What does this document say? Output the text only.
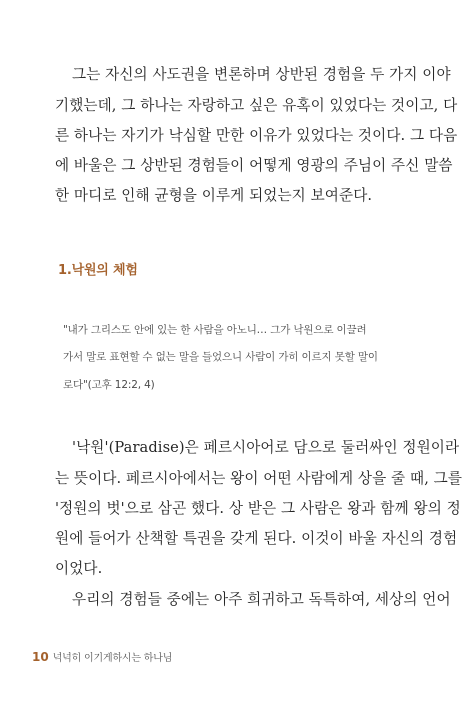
그는 자신의 사도권을 변론하며 상반된 경험을 두 가지 이야
기했는데, 그 하나는 자랑하고 싶은 유혹이 있었다는 것이고, 다
른 하나는 자기가 낙심할 만한 이유가 있었다는 것이다. 그 다음
에 바울은 그 상반된 경험들이 어떻게 영광의 주님이 주신 말씀
한 마디로 인해 균형을 이루게 되었는지 보여준다.
1.낙원의 체험
"내가 그리스도 안에 있는 한 사람을 아노니… 그가 낙원으로 이끌려
가서 말로 표현할 수 없는 말을 들었으니 사람이 가히 이르지 못할 말이
로다"(고후 12:2, 4)
'낙원'(Paradise)은 페르시아어로 담으로 둘러싸인 정원이라
는 뜻이다. 페르시아에서는 왕이 어떤 사람에게 상을 줄 때, 그를
'정원의 벗'으로 삼곤 했다. 상 받은 그 사람은 왕과 함께 왕의 정
원에 들어가 산책할 특권을 갖게 된다. 이것이 바울 자신의 경험
이었다.
우리의 경험들 중에는 아주 희귀하고 독특하여, 세상의 언어
10 넉넉히 이기게하시는 하나님
